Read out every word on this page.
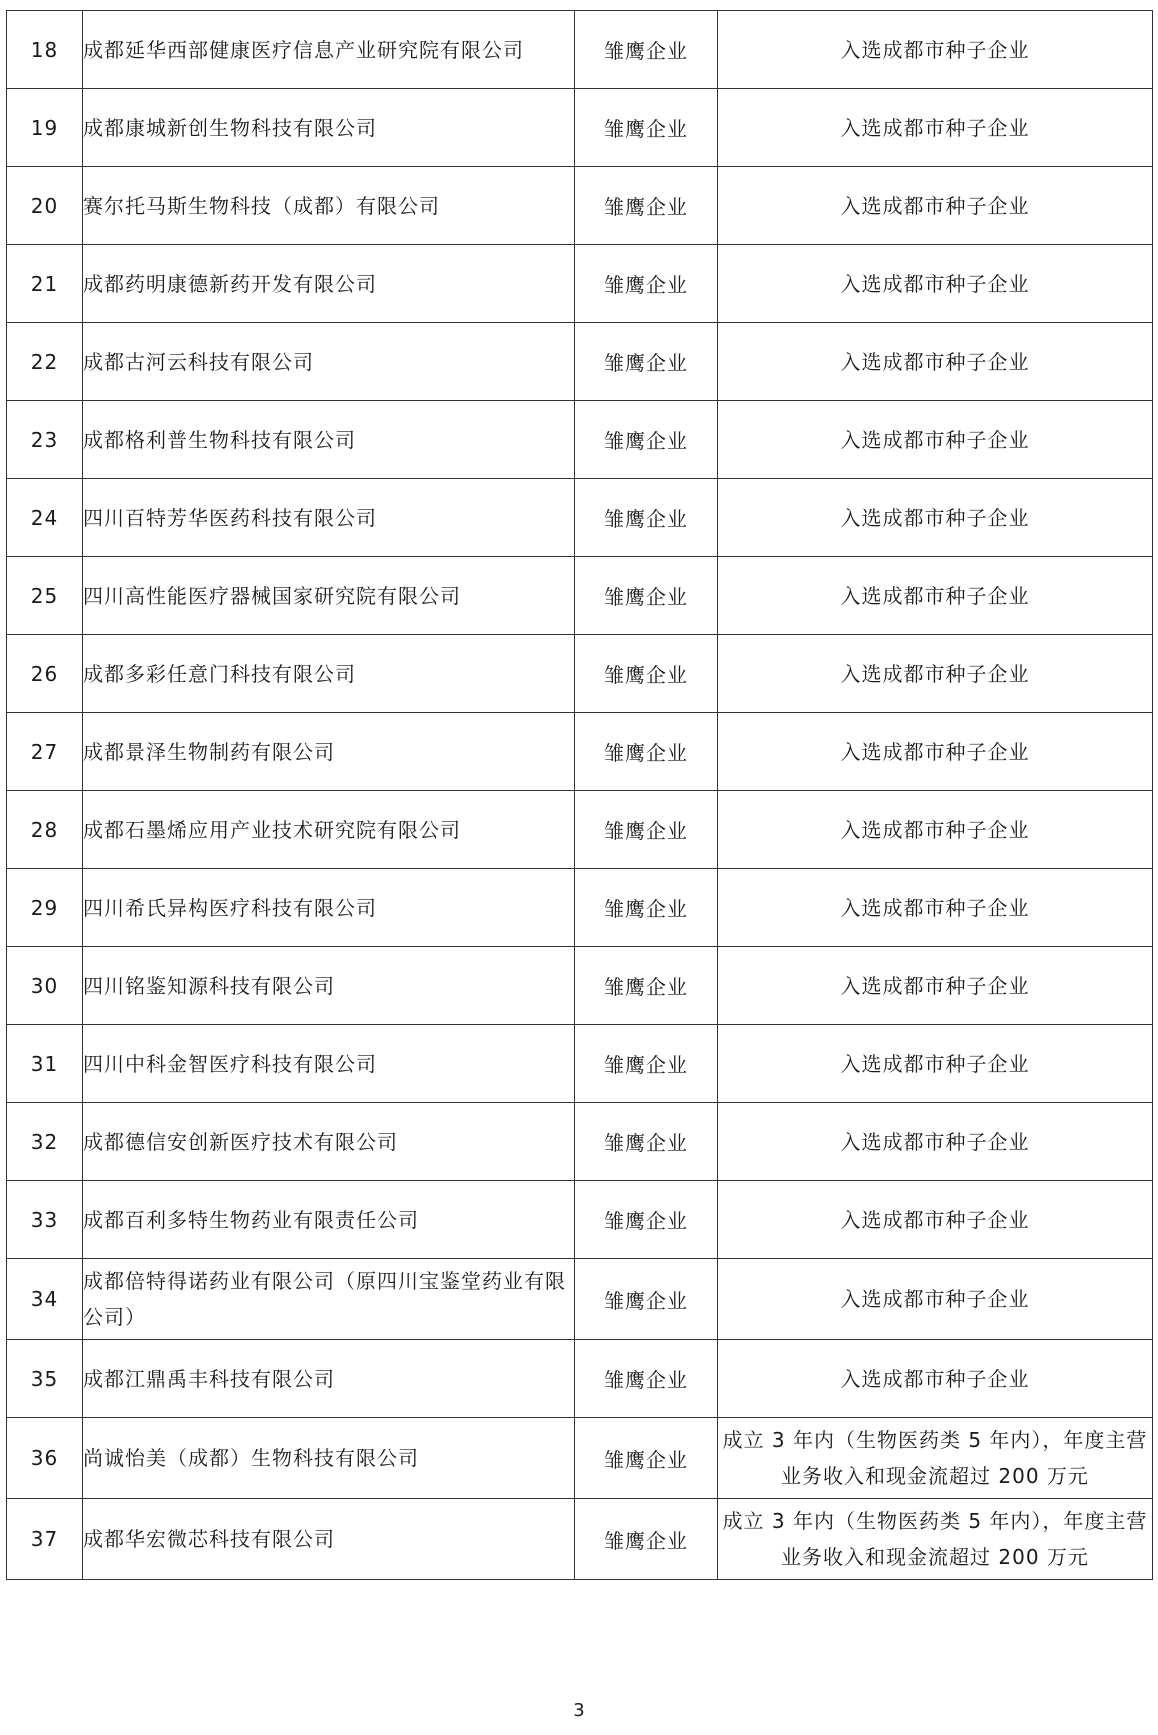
18	成都延华西部健康医疗信息产业研究院有限公司	雏鹰企业	入选成都市种子企业
19	成都康城新创生物科技有限公司	雏鹰企业	入选成都市种子企业
20	赛尔托马斯生物科技（成都）有限公司	雏鹰企业	入选成都市种子企业
21	成都药明康德新药开发有限公司	雏鹰企业	入选成都市种子企业
22	成都古河云科技有限公司	雏鹰企业	入选成都市种子企业
23	成都格利普生物科技有限公司	雏鹰企业	入选成都市种子企业
24	四川百特芳华医药科技有限公司	雏鹰企业	入选成都市种子企业
25	四川高性能医疗器械国家研究院有限公司	雏鹰企业	入选成都市种子企业
26	成都多彩任意门科技有限公司	雏鹰企业	入选成都市种子企业
27	成都景泽生物制药有限公司	雏鹰企业	入选成都市种子企业
28	成都石墨烯应用产业技术研究院有限公司	雏鹰企业	入选成都市种子企业
29	四川希氏异构医疗科技有限公司	雏鹰企业	入选成都市种子企业
30	四川铭鉴知源科技有限公司	雏鹰企业	入选成都市种子企业
31	四川中科金智医疗科技有限公司	雏鹰企业	入选成都市种子企业
32	成都德信安创新医疗技术有限公司	雏鹰企业	入选成都市种子企业
33	成都百利多特生物药业有限责任公司	雏鹰企业	入选成都市种子企业
34	成都倍特得诺药业有限公司（原四川宝鉴堂药业有限公司）	雏鹰企业	入选成都市种子企业
35	成都江鼎禹丰科技有限公司	雏鹰企业	入选成都市种子企业
36	尚诚怡美（成都）生物科技有限公司	雏鹰企业	成立 3 年内（生物医药类 5 年内），年度主营业务收入和现金流超过 200 万元
37	成都华宏微芯科技有限公司	雏鹰企业	成立 3 年内（生物医药类 5 年内），年度主营业务收入和现金流超过 200 万元
3
